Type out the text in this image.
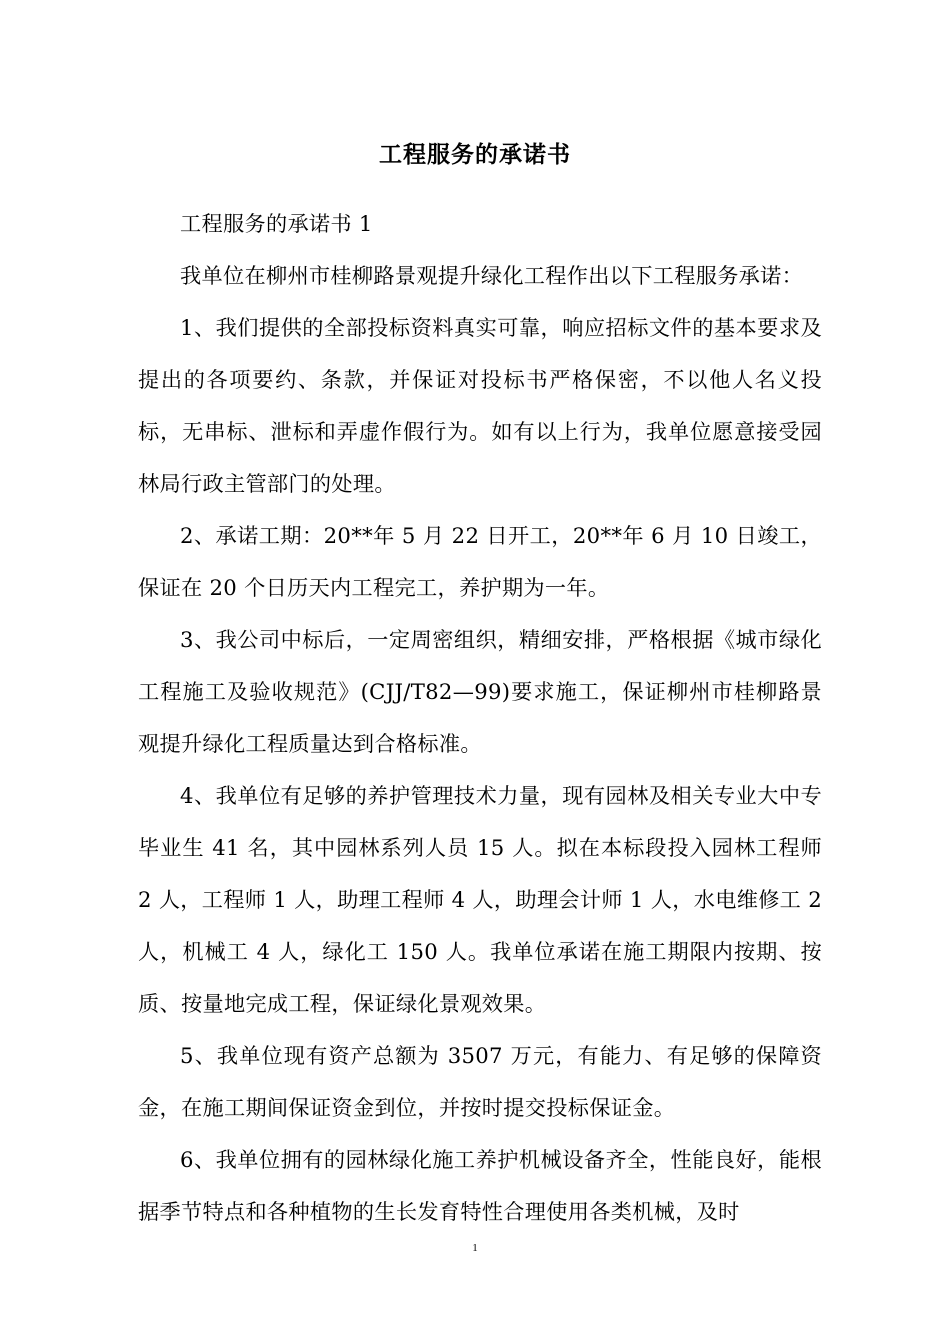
工程服务的承诺书

工程服务的承诺书 1

我单位在柳州市桂柳路景观提升绿化工程作出以下工程服务承诺：

1、我们提供的全部投标资料真实可靠，响应招标文件的基本要求及提出的各项要约、条款，并保证对投标书严格保密，不以他人名义投标，无串标、泄标和弄虚作假行为。如有以上行为，我单位愿意接受园林局行政主管部门的处理。

2、承诺工期：20**年 5 月 22 日开工，20**年 6 月 10 日竣工，保证在 20 个日历天内工程完工，养护期为一年。

3、我公司中标后，一定周密组织，精细安排，严格根据《城市绿化工程施工及验收规范》(CJJ/T82—99)要求施工，保证柳州市桂柳路景观提升绿化工程质量达到合格标准。

4、我单位有足够的养护管理技术力量，现有园林及相关专业大中专毕业生 41 名，其中园林系列人员 15 人。拟在本标段投入园林工程师 2 人，工程师 1 人，助理工程师 4 人，助理会计师 1 人，水电维修工 2 人，机械工 4 人，绿化工 150 人。我单位承诺在施工期限内按期、按质、按量地完成工程，保证绿化景观效果。

5、我单位现有资产总额为 3507 万元，有能力、有足够的保障资金，在施工期间保证资金到位，并按时提交投标保证金。

6、我单位拥有的园林绿化施工养护机械设备齐全，性能良好，能根据季节特点和各种植物的生长发育特性合理使用各类机械，及时

1
